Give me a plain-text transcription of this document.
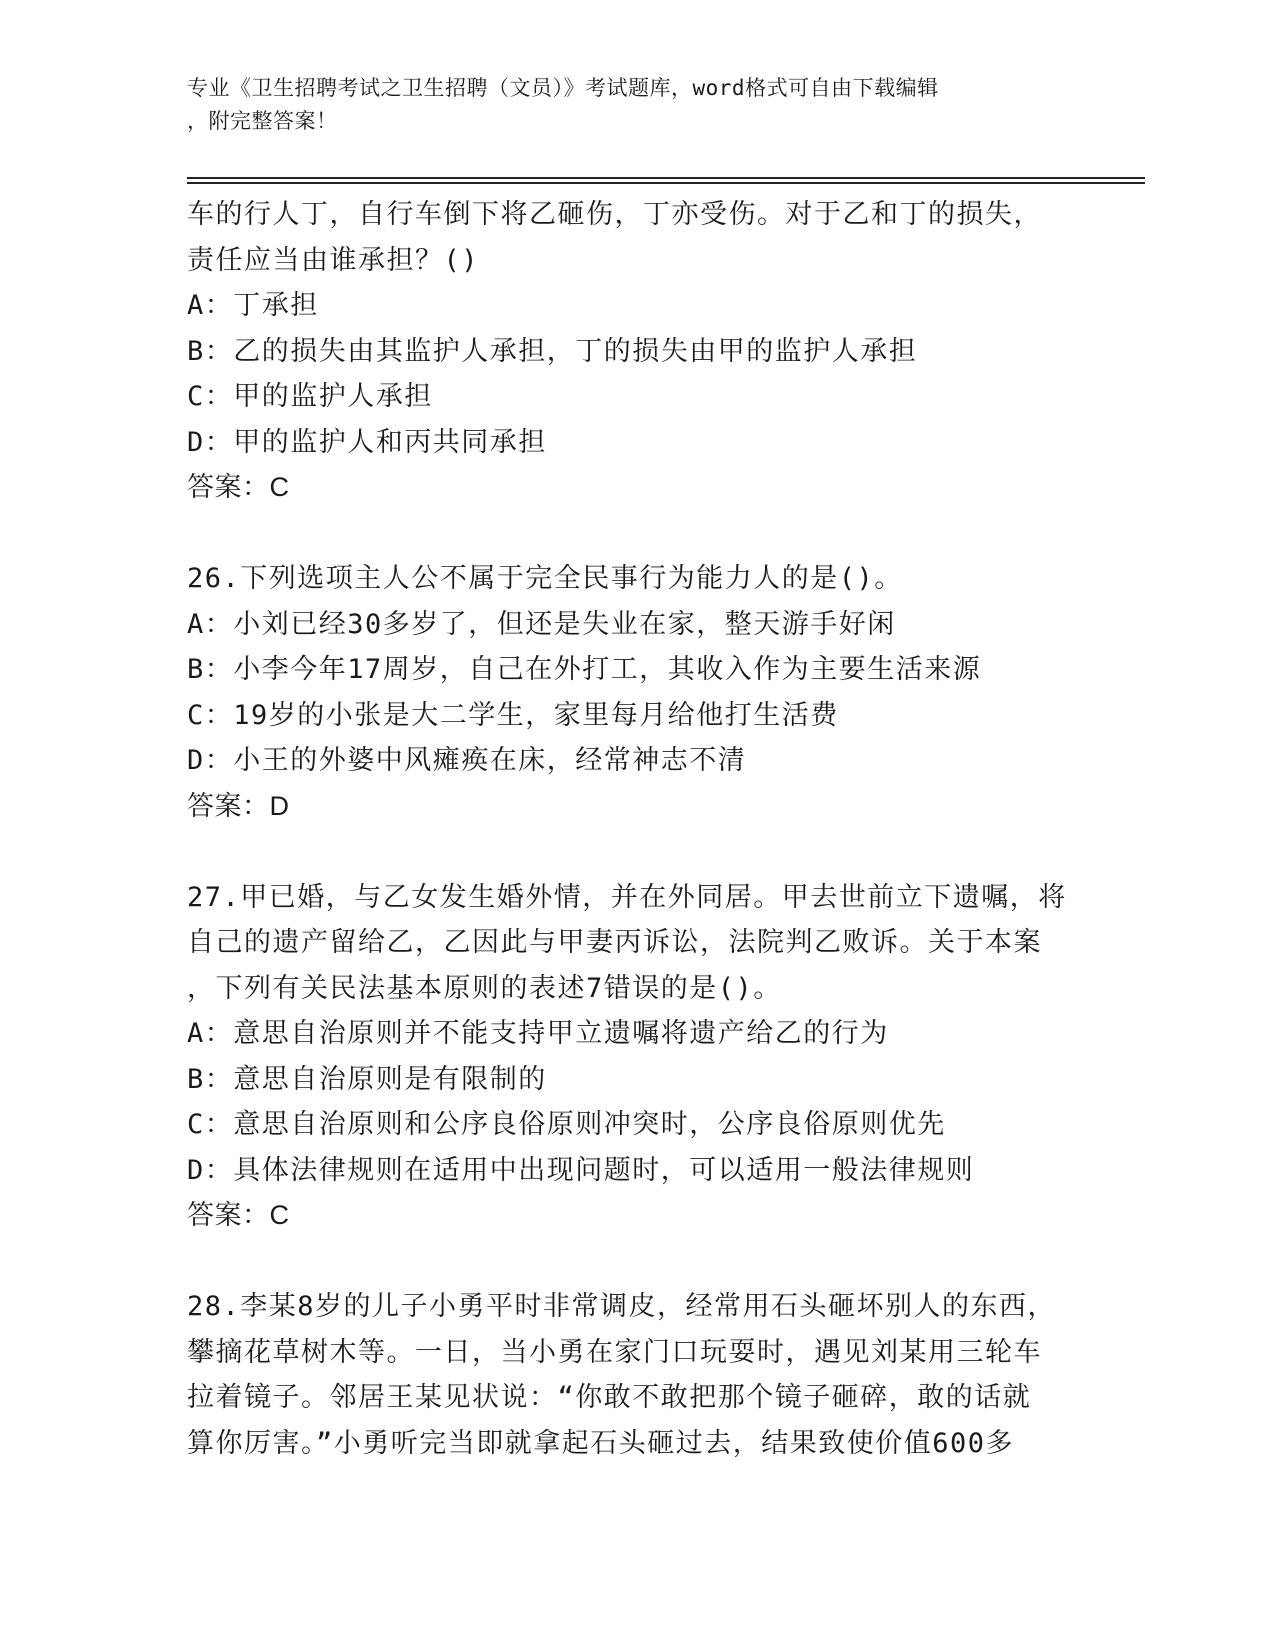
专业《卫生招聘考试之卫生招聘（文员）》考试题库，word格式可自由下载编辑
，附完整答案！
车的行人丁，自行车倒下将乙砸伤，丁亦受伤。对于乙和丁的损失，
责任应当由谁承担？()
A：丁承担
B：乙的损失由其监护人承担，丁的损失由甲的监护人承担
C：甲的监护人承担
D：甲的监护人和丙共同承担
答案：C
26.下列选项主人公不属于完全民事行为能力人的是()。
A：小刘已经30多岁了，但还是失业在家，整天游手好闲
B：小李今年17周岁，自己在外打工，其收入作为主要生活来源
C：19岁的小张是大二学生，家里每月给他打生活费
D：小王的外婆中风瘫痪在床，经常神志不清
答案：D
27.甲已婚，与乙女发生婚外情，并在外同居。甲去世前立下遗嘱，将
自己的遗产留给乙，乙因此与甲妻丙诉讼，法院判乙败诉。关于本案
，下列有关民法基本原则的表述7错误的是()。
A：意思自治原则并不能支持甲立遗嘱将遗产给乙的行为
B：意思自治原则是有限制的
C：意思自治原则和公序良俗原则冲突时，公序良俗原则优先
D：具体法律规则在适用中出现问题时，可以适用一般法律规则
答案：C
28.李某8岁的儿子小勇平时非常调皮，经常用石头砸坏别人的东西，
攀摘花草树木等。一日，当小勇在家门口玩耍时，遇见刘某用三轮车
拉着镜子。邻居王某见状说：“你敢不敢把那个镜子砸碎，敢的话就
算你厉害。”小勇听完当即就拿起石头砸过去，结果致使价值600多
